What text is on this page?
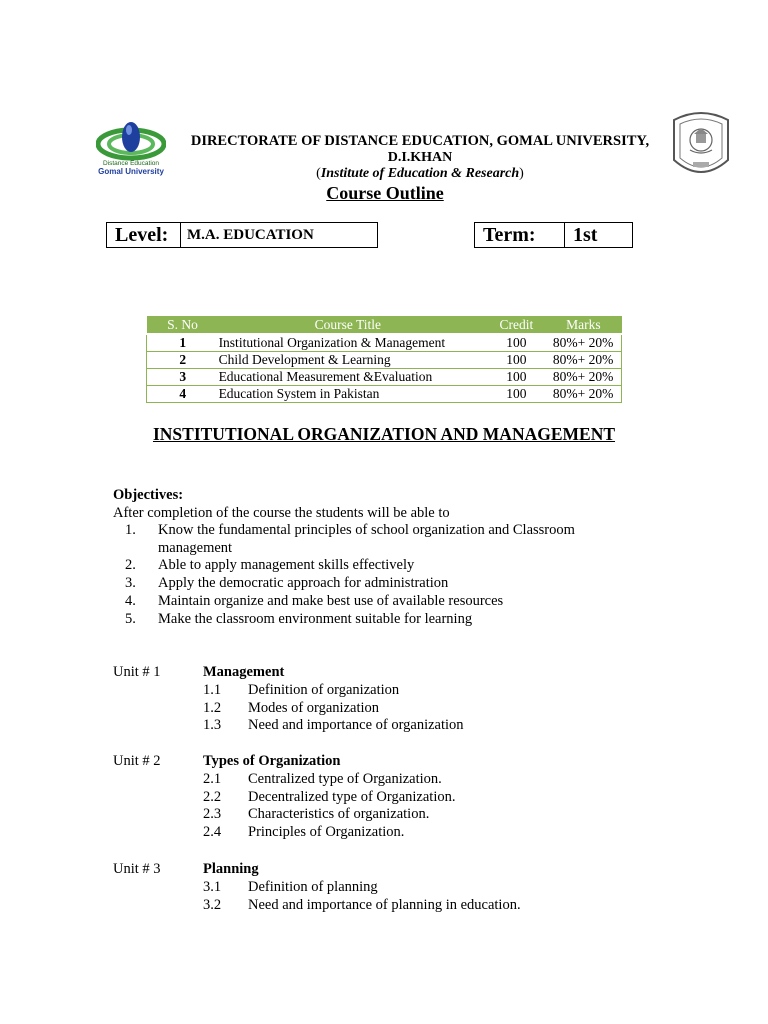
Distance Education
Gomal University
DIRECTORATE OF DISTANCE EDUCATION, GOMAL UNIVERSITY,
D.I.KHAN
(Institute of Education & Research)
Course Outline
Level:	M.A. EDUCATION	Term:	1st
S. No	Course Title	Credit	Marks
1	Institutional Organization & Management	100	80%+ 20%
2	Child Development & Learning	100	80%+ 20%
3	Educational Measurement &Evaluation	100	80%+ 20%
4	Education System in Pakistan	100	80%+ 20%
INSTITUTIONAL ORGANIZATION AND MANAGEMENT
Objectives:
After completion of the course the students will be able to
1.	Know the fundamental principles of school organization and Classroom management
2.	Able to apply management skills effectively
3.	Apply the democratic approach for administration
4.	Maintain organize and make best use of available resources
5.	Make the classroom environment suitable for learning
Unit # 1	Management
1.1	Definition of organization
1.2	Modes of organization
1.3	Need and importance of organization
Unit # 2	Types of Organization
2.1	Centralized type of Organization.
2.2	Decentralized type of Organization.
2.3	Characteristics of organization.
2.4	Principles of Organization.
Unit # 3	Planning
3.1	Definition of planning
3.2	Need and importance of planning in education.
